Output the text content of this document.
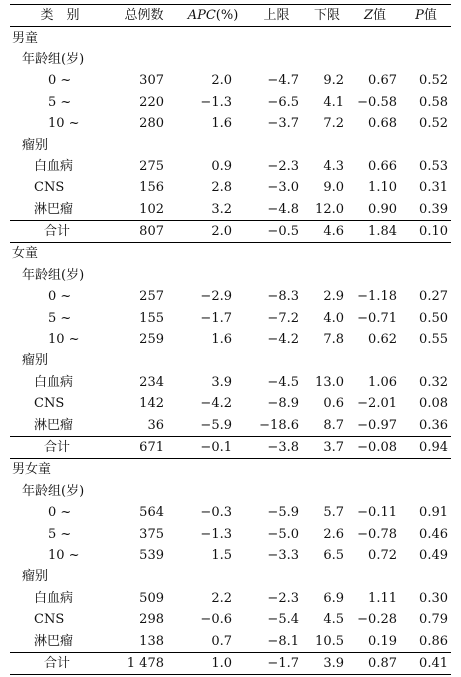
类　别	总例数	APC(%)	上限	下限	Z值	P值
男童						
年龄组(岁)						
0 ~	307	2.0	−4.7	9.2	0.67	0.52
5 ~	220	−1.3	−6.5	4.1	−0.58	0.58
10 ~	280	1.6	−3.7	7.2	0.68	0.52
瘤别						
白血病	275	0.9	−2.3	4.3	0.66	0.53
CNS	156	2.8	−3.0	9.0	1.10	0.31
淋巴瘤	102	3.2	−4.8	12.0	0.90	0.39
合计	807	2.0	−0.5	4.6	1.84	0.10
女童						
年龄组(岁)						
0 ~	257	−2.9	−8.3	2.9	−1.18	0.27
5 ~	155	−1.7	−7.2	4.0	−0.71	0.50
10 ~	259	1.6	−4.2	7.8	0.62	0.55
瘤别						
白血病	234	3.9	−4.5	13.0	1.06	0.32
CNS	142	−4.2	−8.9	0.6	−2.01	0.08
淋巴瘤	36	−5.9	−18.6	8.7	−0.97	0.36
合计	671	−0.1	−3.8	3.7	−0.08	0.94
男女童						
年龄组(岁)						
0 ~	564	−0.3	−5.9	5.7	−0.11	0.91
5 ~	375	−1.3	−5.0	2.6	−0.78	0.46
10 ~	539	1.5	−3.3	6.5	0.72	0.49
瘤别						
白血病	509	2.2	−2.3	6.9	1.11	0.30
CNS	298	−0.6	−5.4	4.5	−0.28	0.79
淋巴瘤	138	0.7	−8.1	10.5	0.19	0.86
合计	1 478	1.0	−1.7	3.9	0.87	0.41
